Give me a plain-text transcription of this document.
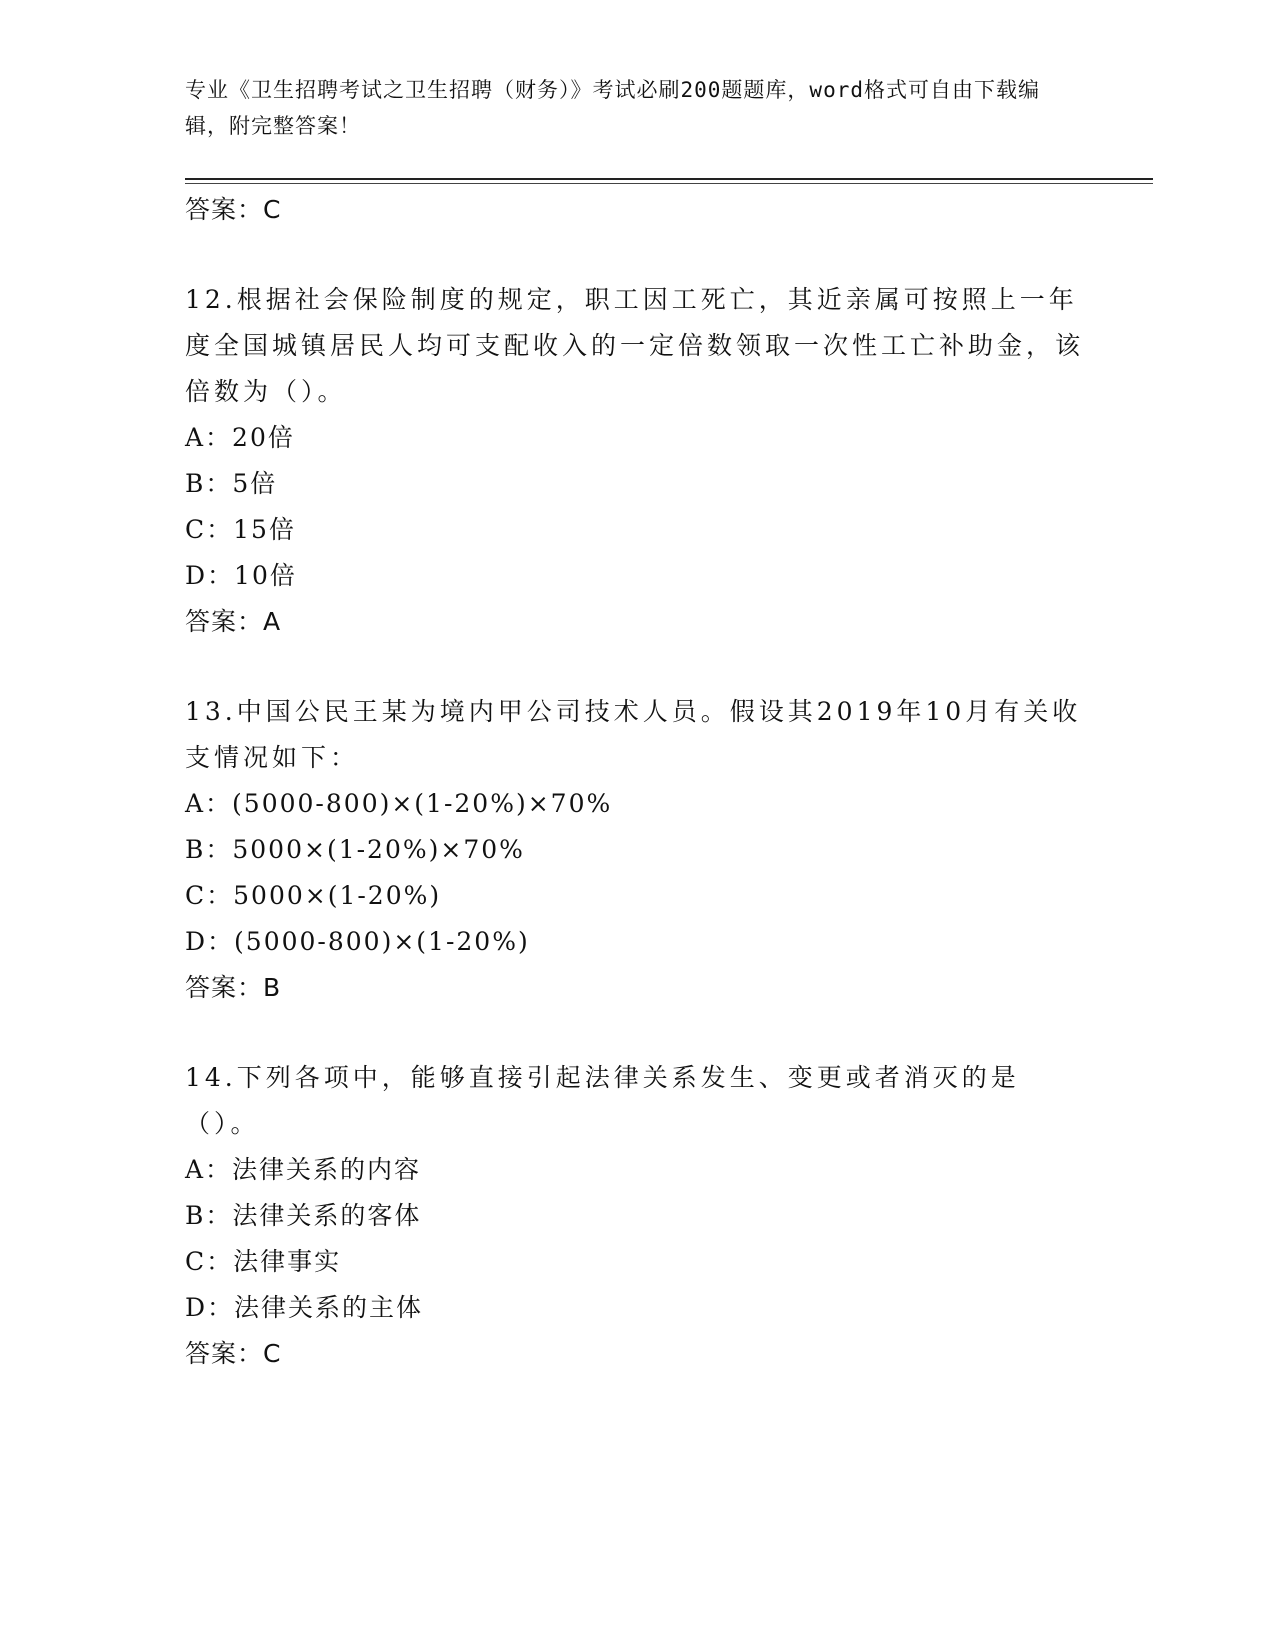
专业《卫生招聘考试之卫生招聘（财务）》考试必刷200题题库，word格式可自由下载编辑，附完整答案！
答案：C
12.根据社会保险制度的规定，职工因工死亡，其近亲属可按照上一年度全国城镇居民人均可支配收入的一定倍数领取一次性工亡补助金，该倍数为（）。
A：20倍
B：5倍
C：15倍
D：10倍
答案：A
13.中国公民王某为境内甲公司技术人员。假设其2019年10月有关收支情况如下：
A：(5000-800)×(1-20%)×70%
B：5000×(1-20%)×70%
C：5000×(1-20%)
D：(5000-800)×(1-20%)
答案：B
14.下列各项中，能够直接引起法律关系发生、变更或者消灭的是（）。
A：法律关系的内容
B：法律关系的客体
C：法律事实
D：法律关系的主体
答案：C
